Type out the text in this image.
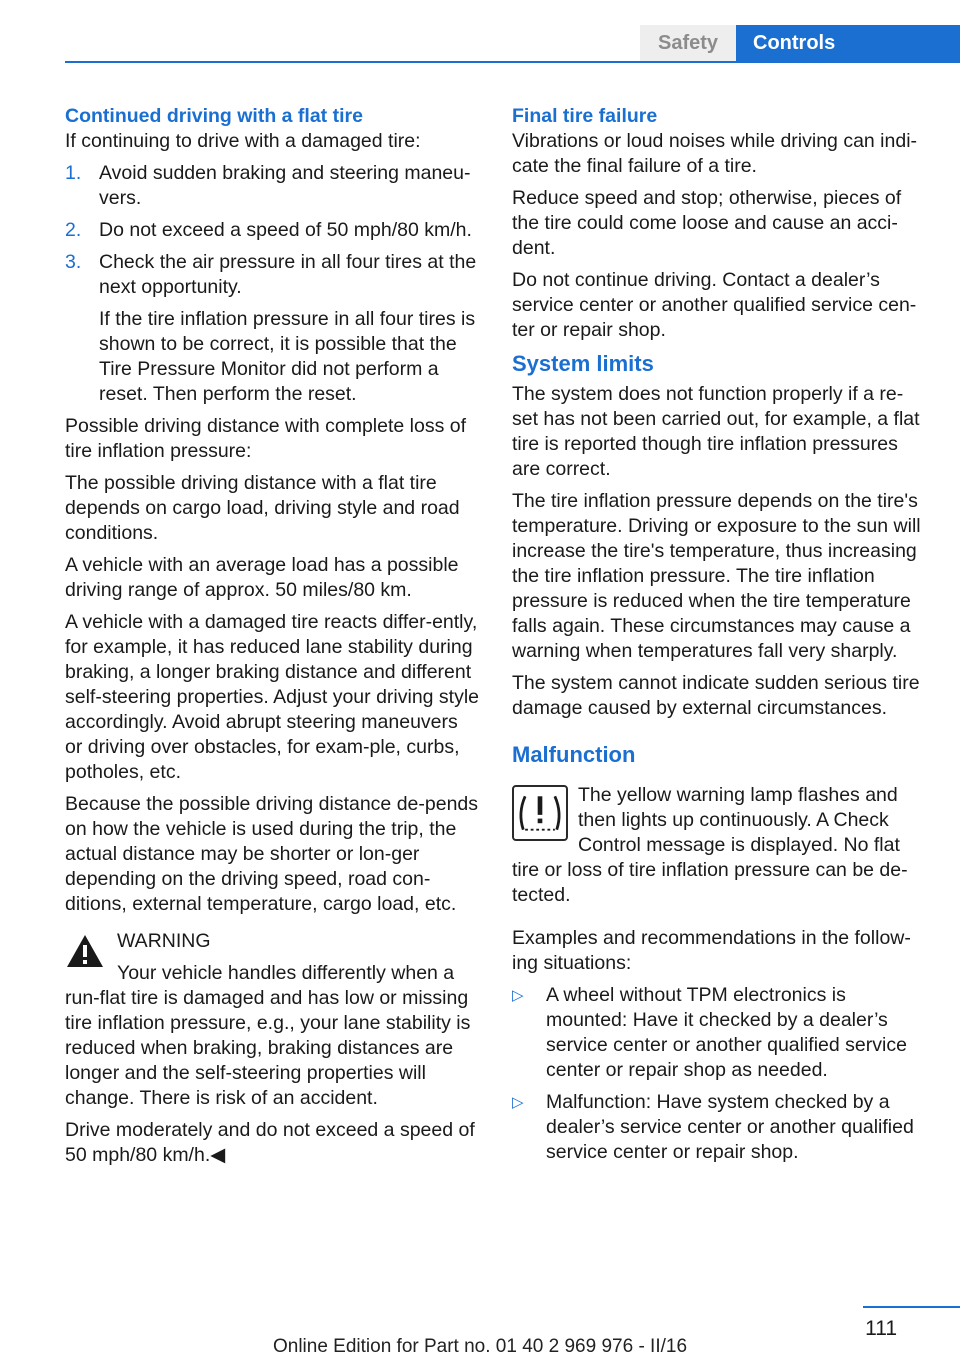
Safety	Controls
Continued driving with a flat tire

If continuing to drive with a damaged tire:

1. Avoid sudden braking and steering maneu‐vers.
2. Do not exceed a speed of 50 mph/80 km/h.
3. Check the air pressure in all four tires at the next opportunity.

If the tire inflation pressure in all four tires is shown to be correct, it is possible that the Tire Pressure Monitor did not perform a reset. Then perform the reset.

Possible driving distance with complete loss of tire inflation pressure:

The possible driving distance with a flat tire depends on cargo load, driving style and road conditions.

A vehicle with an average load has a possible driving range of approx. 50 miles/80 km.

A vehicle with a damaged tire reacts differ‐ently, for example, it has reduced lane stability during braking, a longer braking distance and different self-steering properties. Adjust your driving style accordingly. Avoid abrupt steering maneuvers or driving over obstacles, for exam‐ple, curbs, potholes, etc.

Because the possible driving distance de‐pends on how the vehicle is used during the trip, the actual distance may be shorter or lon‐ger depending on the driving speed, road con‐ditions, external temperature, cargo load, etc.

WARNING

Your vehicle handles differently when a run-flat tire is damaged and has low or missing tire inflation pressure, e.g., your lane stability is reduced when braking, braking distances are longer and the self-steering properties will change. There is risk of an accident.

Drive moderately and do not exceed a speed of 50 mph/80 km/h.◀

Final tire failure

Vibrations or loud noises while driving can indi‐cate the final failure of a tire.

Reduce speed and stop; otherwise, pieces of the tire could come loose and cause an acci‐dent.

Do not continue driving. Contact a dealer’s service center or another qualified service cen‐ter or repair shop.

System limits

The system does not function properly if a re‐set has not been carried out, for example, a flat tire is reported though tire inflation pressures are correct.

The tire inflation pressure depends on the tire's temperature. Driving or exposure to the sun will increase the tire's temperature, thus increasing the tire inflation pressure. The tire inflation pressure is reduced when the tire temperature falls again. These circumstances may cause a warning when temperatures fall very sharply.

The system cannot indicate sudden serious tire damage caused by external circumstances.

Malfunction

The yellow warning lamp flashes and then lights up continuously. A Check Control message is displayed. No flat tire or loss of tire inflation pressure can be de‐tected.

Examples and recommendations in the follow‐ing situations:

▷ A wheel without TPM electronics is mounted: Have it checked by a dealer’s service center or another qualified service center or repair shop as needed.
▷ Malfunction: Have system checked by a dealer’s service center or another qualified service center or repair shop.
111
Online Edition for Part no. 01 40 2 969 976 - II/16
